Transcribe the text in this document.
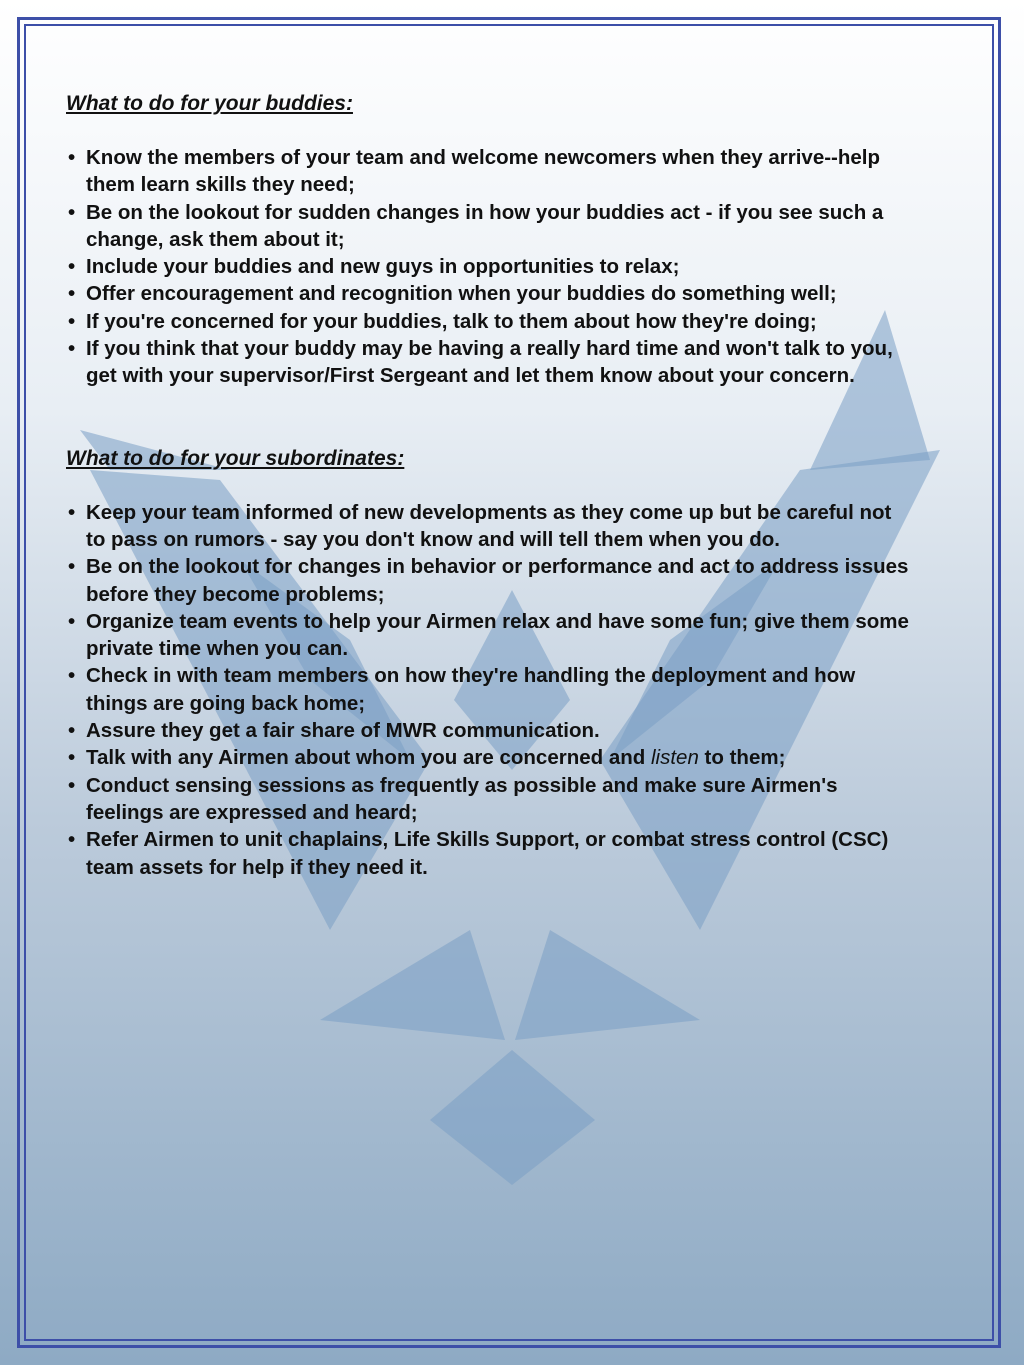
What to do for your buddies:
• Know the members of your team and welcome newcomers when they arrive--help them learn skills they need;
• Be on the lookout for sudden changes in how your buddies act - if you see such a change, ask them about it;
• Include your buddies and new guys in opportunities to relax;
• Offer encouragement and recognition when your buddies do something well;
• If you're concerned for your buddies, talk to them about how they're doing;
• If you think that your buddy may be having a really hard time and won't talk to you, get with your supervisor/First Sergeant and let them know about your concern.
What to do for your subordinates:
• Keep your team informed of new developments as they come up but be careful not to pass on rumors - say you don't know and will tell them when you do.
• Be on the lookout for changes in behavior or performance and act to address issues before they become problems;
• Organize team events to help your Airmen relax and have some fun; give them some private time when you can.
• Check in with team members on how they're handling the deployment and how things are going back home;
• Assure they get a fair share of MWR communication.
• Talk with any Airmen about whom you are concerned and listen to them;
• Conduct sensing sessions as frequently as possible and make sure Airmen's feelings are expressed and heard;
• Refer Airmen to unit chaplains, Life Skills Support, or combat stress control (CSC) team assets for help if they need it.
